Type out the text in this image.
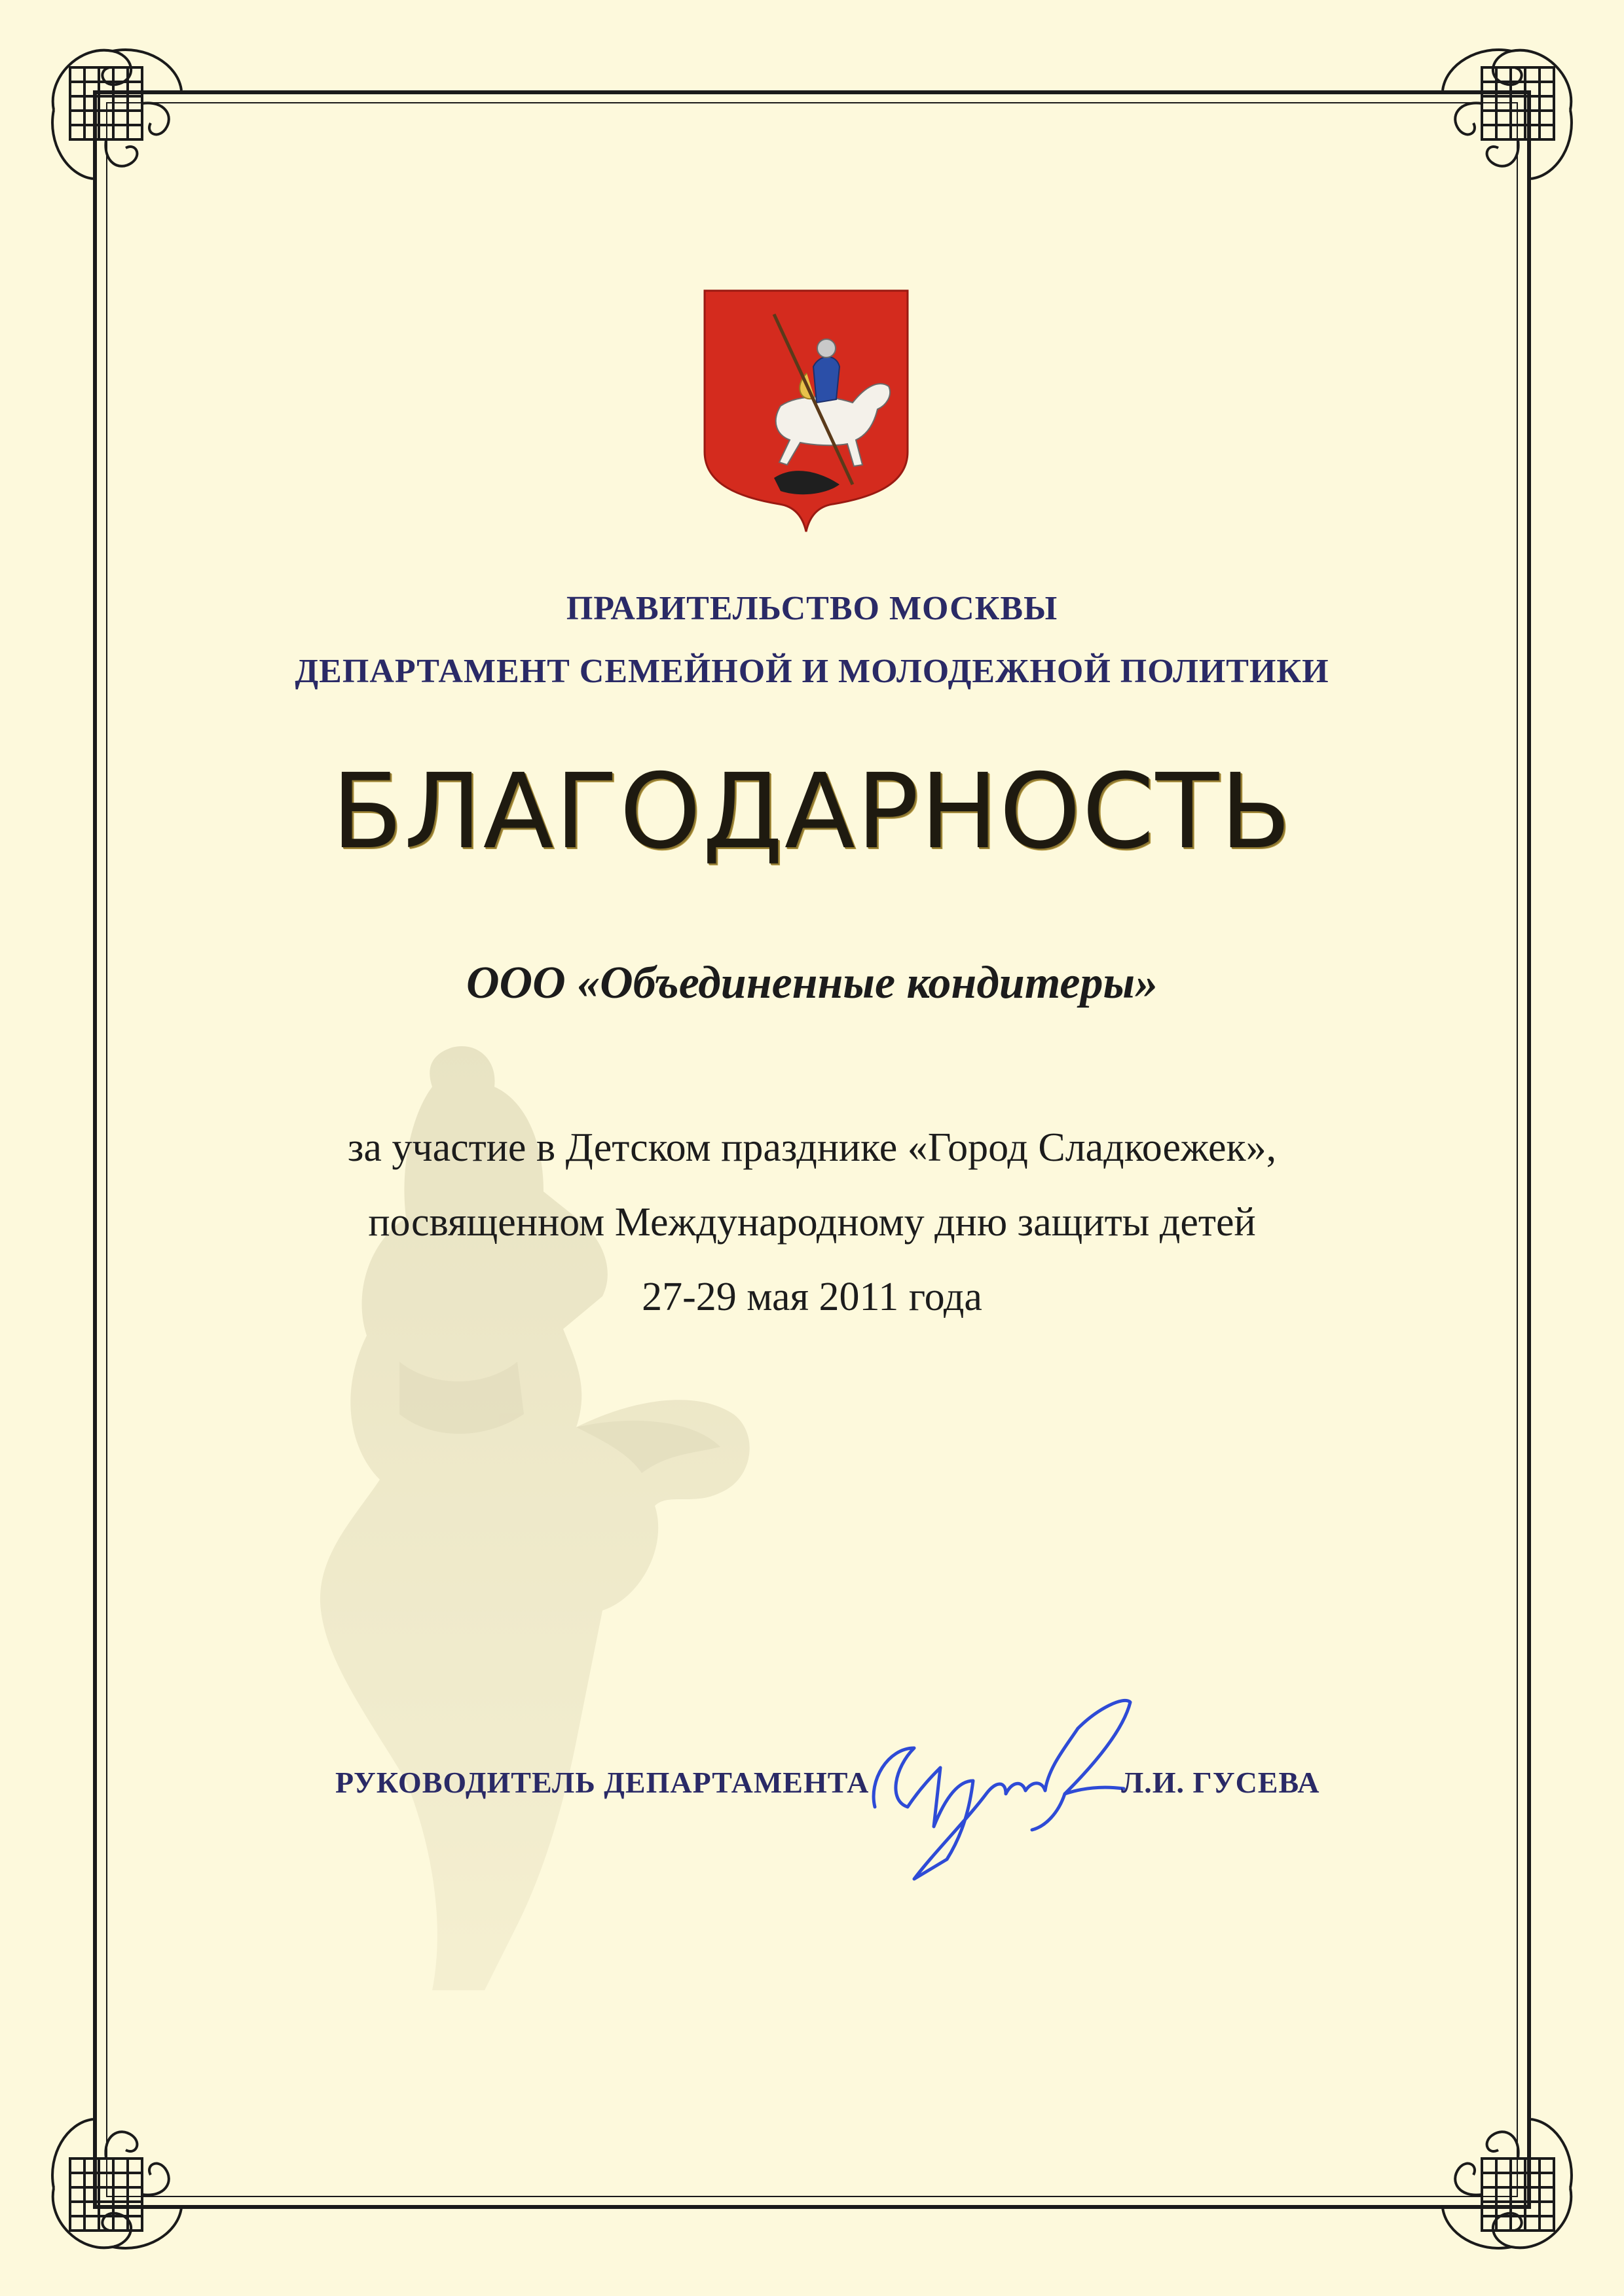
ПРАВИТЕЛЬСТВО МОСКВЫ
ДЕПАРТАМЕНТ СЕМЕЙНОЙ И МОЛОДЕЖНОЙ ПОЛИТИКИ
БЛАГОДАРНОСТЬ
ООО «Объединенные кондитеры»
за участие в Детском празднике «Город Сладкоежек»,
посвященном Международному дню защиты детей
27-29 мая 2011 года
РУКОВОДИТЕЛЬ ДЕПАРТАМЕНТА	Л.И. ГУСЕВА
